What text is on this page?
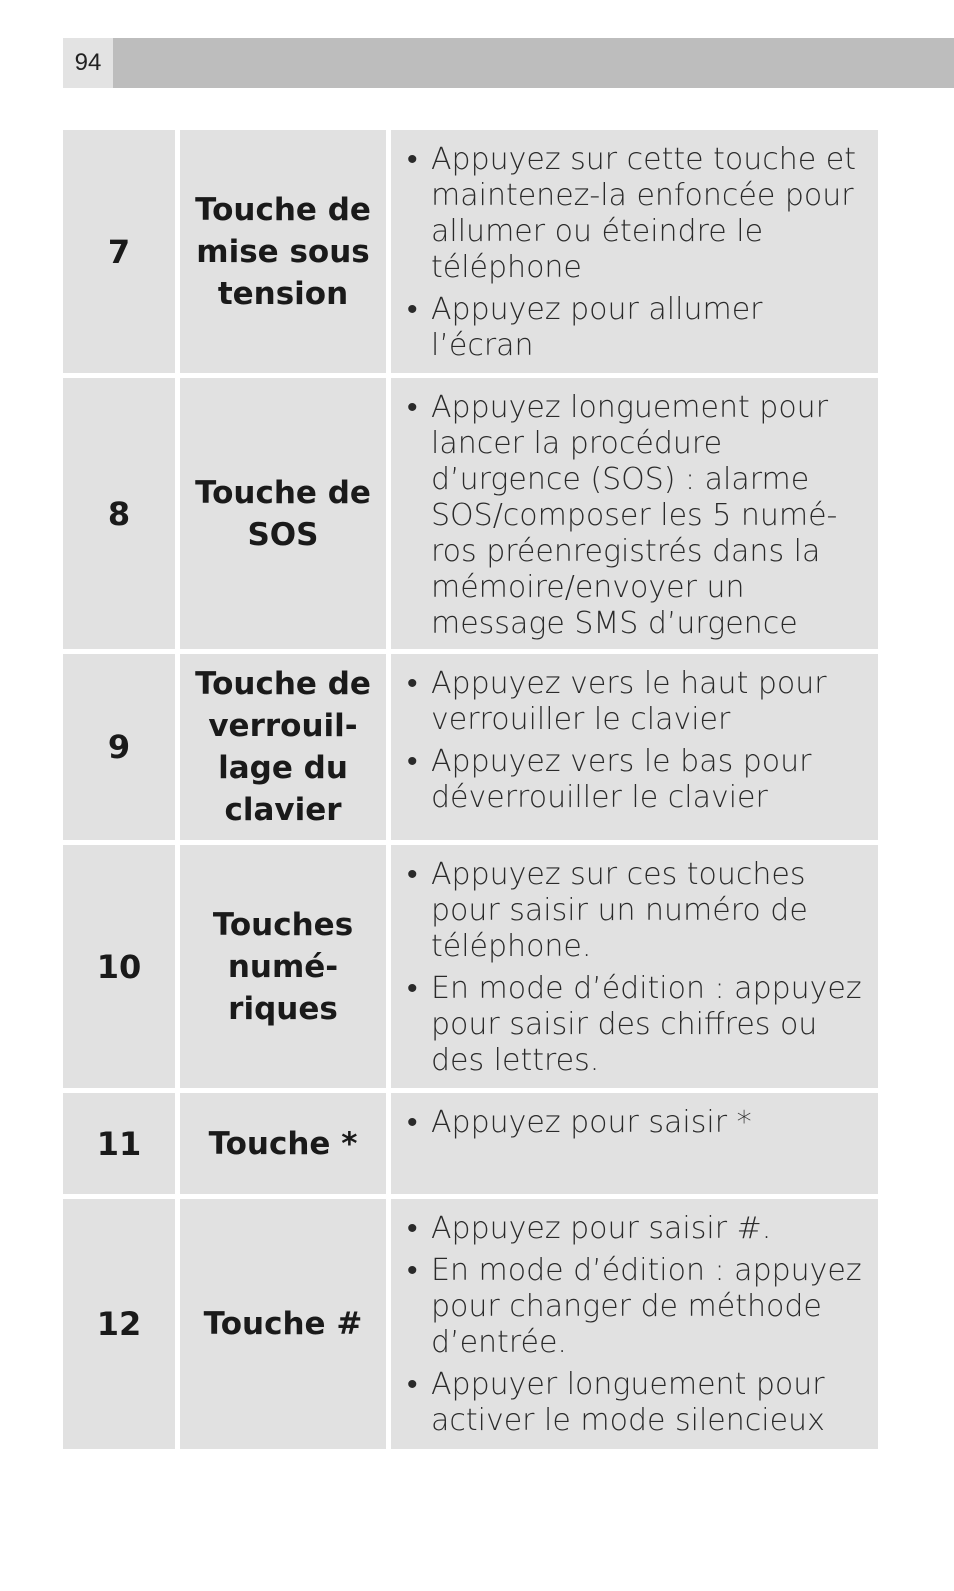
94
7
Touche de mise sous tension
• Appuyez sur cette touche et maintenez-la enfoncée pour allumer ou éteindre le téléphone
• Appuyez pour allumer l’écran
8
Touche de SOS
• Appuyez longuement pour lancer la procédure d’urgence (SOS) : alarme SOS/composer les 5 numé-ros préenregistrés dans la mémoire/envoyer un message SMS d’urgence
9
Touche de verrouil-lage du clavier
• Appuyez vers le haut pour verrouiller le clavier
• Appuyez vers le bas pour déverrouiller le clavier
10
Touches numé-riques
• Appuyez sur ces touches pour saisir un numéro de téléphone.
• En mode d’édition : appuyez pour saisir des chiffres ou des lettres.
11	Touche *
• Appuyez pour saisir *
12	Touche #
• Appuyez pour saisir #.
• En mode d’édition : appuyez pour changer de méthode d’entrée.
• Appuyer longuement pour activer le mode silencieux
